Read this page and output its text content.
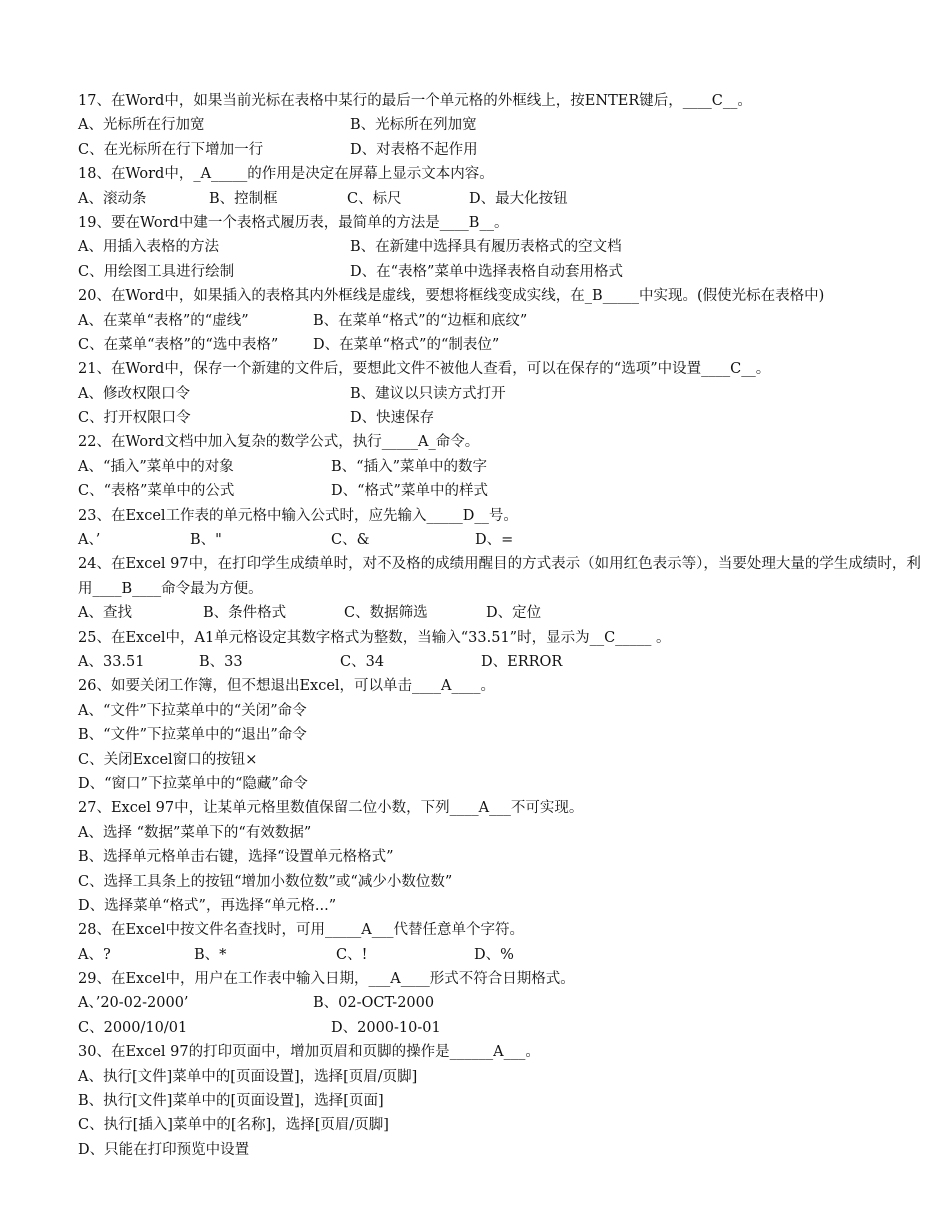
17、在Word中，如果当前光标在表格中某行的最后一个单元格的外框线上，按ENTER键后，____C__。
A、光标所在行加宽	B、光标所在列加宽
C、在光标所在行下增加一行	D、对表格不起作用
18、在Word中，_A_____的作用是决定在屏幕上显示文本内容。
A、滚动条	B、控制框	C、标尺	D、最大化按钮
19、要在Word中建一个表格式履历表，最简单的方法是____B__。
A、用插入表格的方法	B、在新建中选择具有履历表格式的空文档
C、用绘图工具进行绘制	D、在“表格”菜单中选择表格自动套用格式
20、在Word中，如果插入的表格其内外框线是虚线，要想将框线变成实线，在_B_____中实现。(假使光标在表格中)
A、在菜单“表格”的“虚线”	B、在菜单“格式”的“边框和底纹”
C、在菜单“表格”的“选中表格” D、在菜单“格式”的“制表位”
21、在Word中，保存一个新建的文件后，要想此文件不被他人查看，可以在保存的“选项”中设置____C__。
A、修改权限口令	B、建议以只读方式打开
C、打开权限口令	D、快速保存
22、在Word文档中加入复杂的数学公式，执行_____A_命令。
A、“插入”菜单中的对象	B、“插入”菜单中的数字
C、“表格”菜单中的公式	D、“格式”菜单中的样式
23、在Excel工作表的单元格中输入公式时，应先输入_____D__号。
A、’	B、"	C、&	D、=
24、在Excel 97中，在打印学生成绩单时，对不及格的成绩用醒目的方式表示（如用红色表示等），当要处理大量的学生成绩时，利用____B____命令最为方便。
A、查找	B、条件格式	C、数据筛选	D、定位
25、在Excel中，A1单元格设定其数字格式为整数，当输入“33.51”时，显示为__C_____ 。
A、33.51	B、33	C、34	D、ERROR
26、如要关闭工作簿，但不想退出Excel，可以单击____A____。
A、“文件”下拉菜单中的“关闭”命令
B、“文件”下拉菜单中的“退出”命令
C、关闭Excel窗口的按钮×
D、“窗口”下拉菜单中的“隐藏”命令
27、Excel 97中，让某单元格里数值保留二位小数，下列____A___不可实现。
A、选择 “数据”菜单下的“有效数据”
B、选择单元格单击右键，选择“设置单元格格式”
C、选择工具条上的按钮“增加小数位数”或“减少小数位数”
D、选择菜单“格式”，再选择“单元格...”
28、在Excel中按文件名查找时，可用_____A___代替任意单个字符。
A、?	B、*	C、!	D、%
29、在Excel中，用户在工作表中输入日期，___A____形式不符合日期格式。
A、’20-02-2000’	B、02-OCT-2000
C、2000/10/01	D、2000-10-01
30、在Excel 97的打印页面中，增加页眉和页脚的操作是______A___。
A、执行[文件]菜单中的[页面设置]，选择[页眉/页脚]
B、执行[文件]菜单中的[页面设置]，选择[页面]
C、执行[插入]菜单中的[名称]，选择[页眉/页脚]
D、只能在打印预览中设置
